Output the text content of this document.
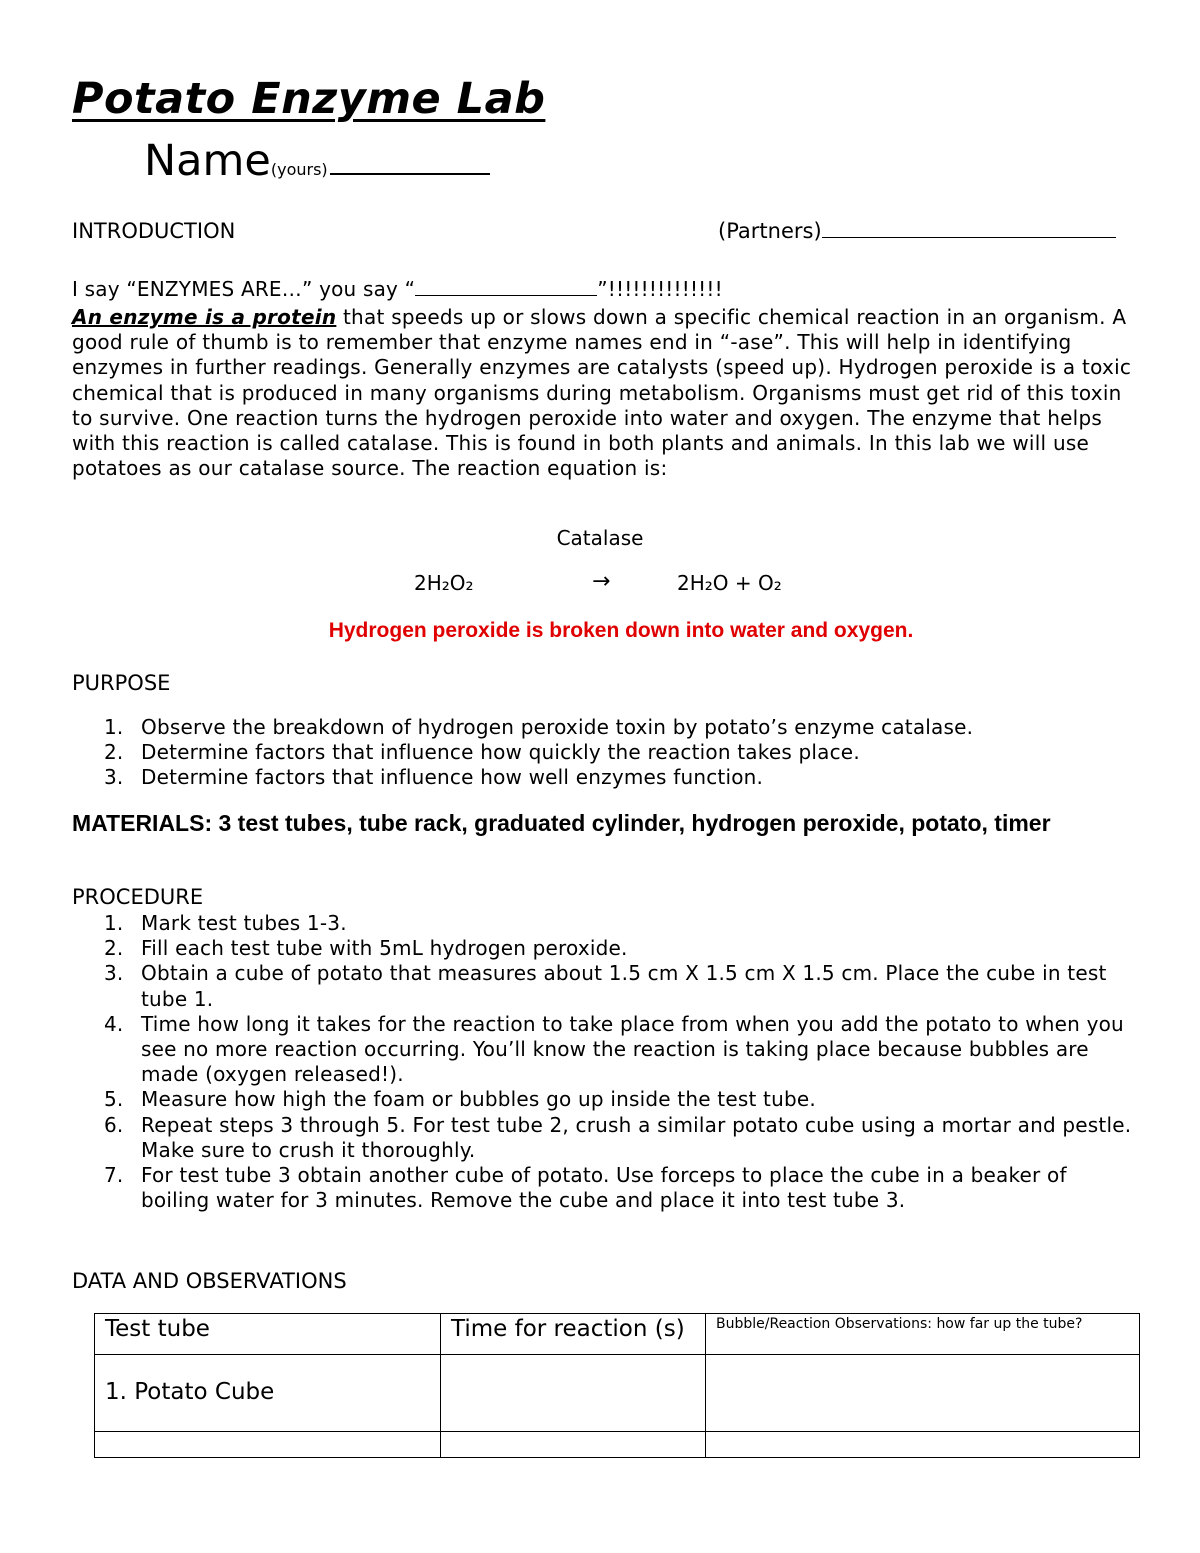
Potato Enzyme Lab
Name(yours)
INTRODUCTION	(Partners)
I say “ENZYMES ARE…” you say “	”!!!!!!!!!!!!!!
An enzyme is a protein that speeds up or slows down a specific chemical reaction in an organism. A good rule of thumb is to remember that enzyme names end in “-ase”. This will help in identifying enzymes in further readings. Generally enzymes are catalysts (speed up). Hydrogen peroxide is a toxic chemical that is produced in many organisms during metabolism. Organisms must get rid of this toxin to survive. One reaction turns the hydrogen peroxide into water and oxygen. The enzyme that helps with this reaction is called catalase. This is found in both plants and animals. In this lab we will use potatoes as our catalase source. The reaction equation is:
Catalase
2H₂O₂	→	2H₂O + O₂
Hydrogen peroxide is broken down into water and oxygen.
PURPOSE
1. Observe the breakdown of hydrogen peroxide toxin by potato’s enzyme catalase.
2. Determine factors that influence how quickly the reaction takes place.
3. Determine factors that influence how well enzymes function.
MATERIALS: 3 test tubes, tube rack, graduated cylinder, hydrogen peroxide, potato, timer
PROCEDURE
1. Mark test tubes 1-3.
2. Fill each test tube with 5mL hydrogen peroxide.
3. Obtain a cube of potato that measures about 1.5 cm X 1.5 cm X 1.5 cm. Place the cube in test tube 1.
4. Time how long it takes for the reaction to take place from when you add the potato to when you see no more reaction occurring. You’ll know the reaction is taking place because bubbles are made (oxygen released!).
5. Measure how high the foam or bubbles go up inside the test tube.
6. Repeat steps 3 through 5. For test tube 2, crush a similar potato cube using a mortar and pestle. Make sure to crush it thoroughly.
7. For test tube 3 obtain another cube of potato. Use forceps to place the cube in a beaker of boiling water for 3 minutes. Remove the cube and place it into test tube 3.
DATA AND OBSERVATIONS
Test tube	Time for reaction (s)	Bubble/Reaction Observations: how far up the tube?
1. Potato Cube		
